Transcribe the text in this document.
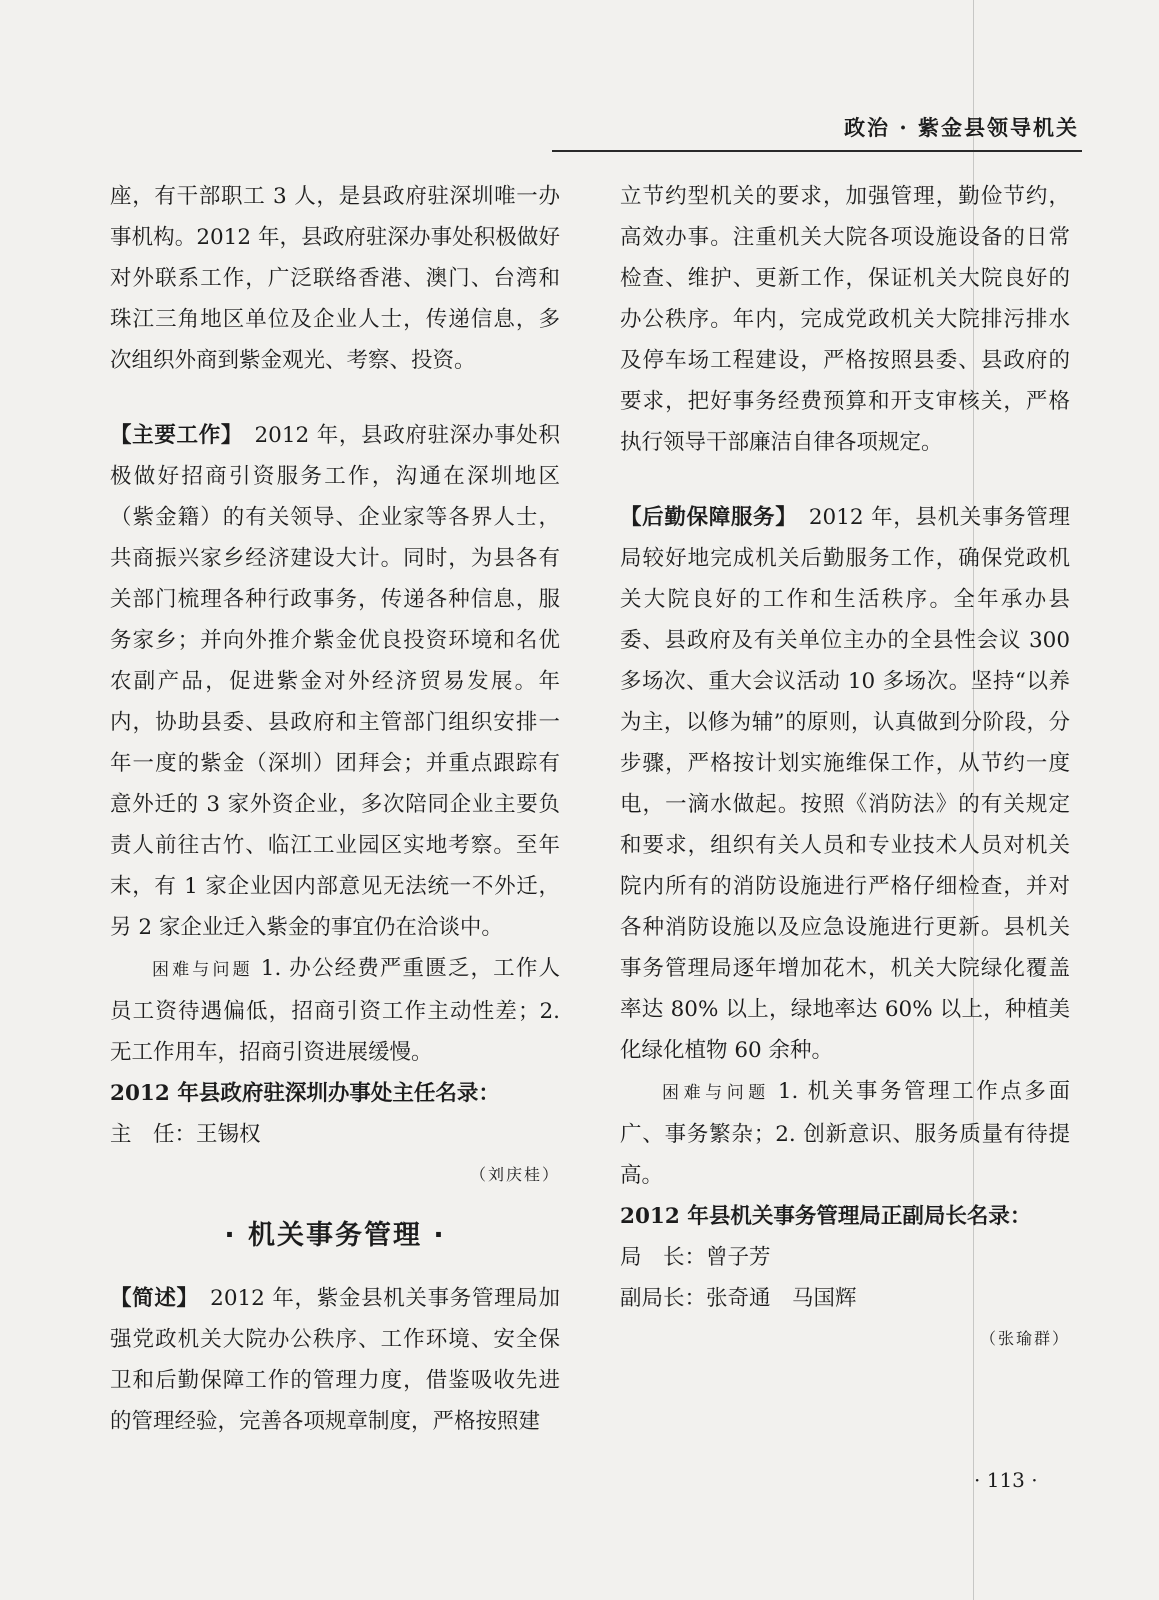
政治 · 紫金县领导机关

座，有干部职工 3 人，是县政府驻深圳唯一办事机构。2012 年，县政府驻深办事处积极做好对外联系工作，广泛联络香港、澳门、台湾和珠江三角地区单位及企业人士，传递信息，多次组织外商到紫金观光、考察、投资。

【主要工作】　 2012 年，县政府驻深办事处积极做好招商引资服务工作，沟通在深圳地区（紫金籍）的有关领导、企业家等各界人士，共商振兴家乡经济建设大计。同时，为县各有关部门梳理各种行政事务，传递各种信息，服务家乡；并向外推介紫金优良投资环境和名优农副产品，促进紫金对外经济贸易发展。年内，协助县委、县政府和主管部门组织安排一年一度的紫金（深圳）团拜会；并重点跟踪有意外迁的 3 家外资企业，多次陪同企业主要负责人前往古竹、临江工业园区实地考察。至年末，有 1 家企业因内部意见无法统一不外迁，另 2 家企业迁入紫金的事宜仍在洽谈中。

困难与问题 1. 办公经费严重匮乏，工作人员工资待遇偏低，招商引资工作主动性差；2. 无工作用车，招商引资进展缓慢。

2012 年县政府驻深圳办事处主任名录：

主　任：王锡权

（刘庆桂）

· 机关事务管理 ·

【简述】　 2012 年，紫金县机关事务管理局加强党政机关大院办公秩序、工作环境、安全保卫和后勤保障工作的管理力度，借鉴吸收先进的管理经验，完善各项规章制度，严格按照建

立节约型机关的要求，加强管理，勤俭节约，高效办事。注重机关大院各项设施设备的日常检查、维护、更新工作，保证机关大院良好的办公秩序。年内，完成党政机关大院排污排水及停车场工程建设，严格按照县委、县政府的要求，把好事务经费预算和开支审核关，严格执行领导干部廉洁自律各项规定。

【后勤保障服务】　 2012 年，县机关事务管理局较好地完成机关后勤服务工作，确保党政机关大院良好的工作和生活秩序。全年承办县委、县政府及有关单位主办的全县性会议 300 多场次、重大会议活动 10 多场次。坚持“以养为主，以修为辅”的原则，认真做到分阶段，分步骤，严格按计划实施维保工作，从节约一度电，一滴水做起。按照《消防法》的有关规定和要求，组织有关人员和专业技术人员对机关院内所有的消防设施进行严格仔细检查，并对各种消防设施以及应急设施进行更新。县机关事务管理局逐年增加花木，机关大院绿化覆盖率达 80% 以上，绿地率达 60% 以上，种植美化绿化植物 60 余种。

困难与问题 1. 机关事务管理工作点多面广、事务繁杂；2. 创新意识、服务质量有待提高。

2012 年县机关事务管理局正副局长名录：

局　长：曾子芳

副局长：张奇通　马国辉

（张瑜群）

· 113 ·
